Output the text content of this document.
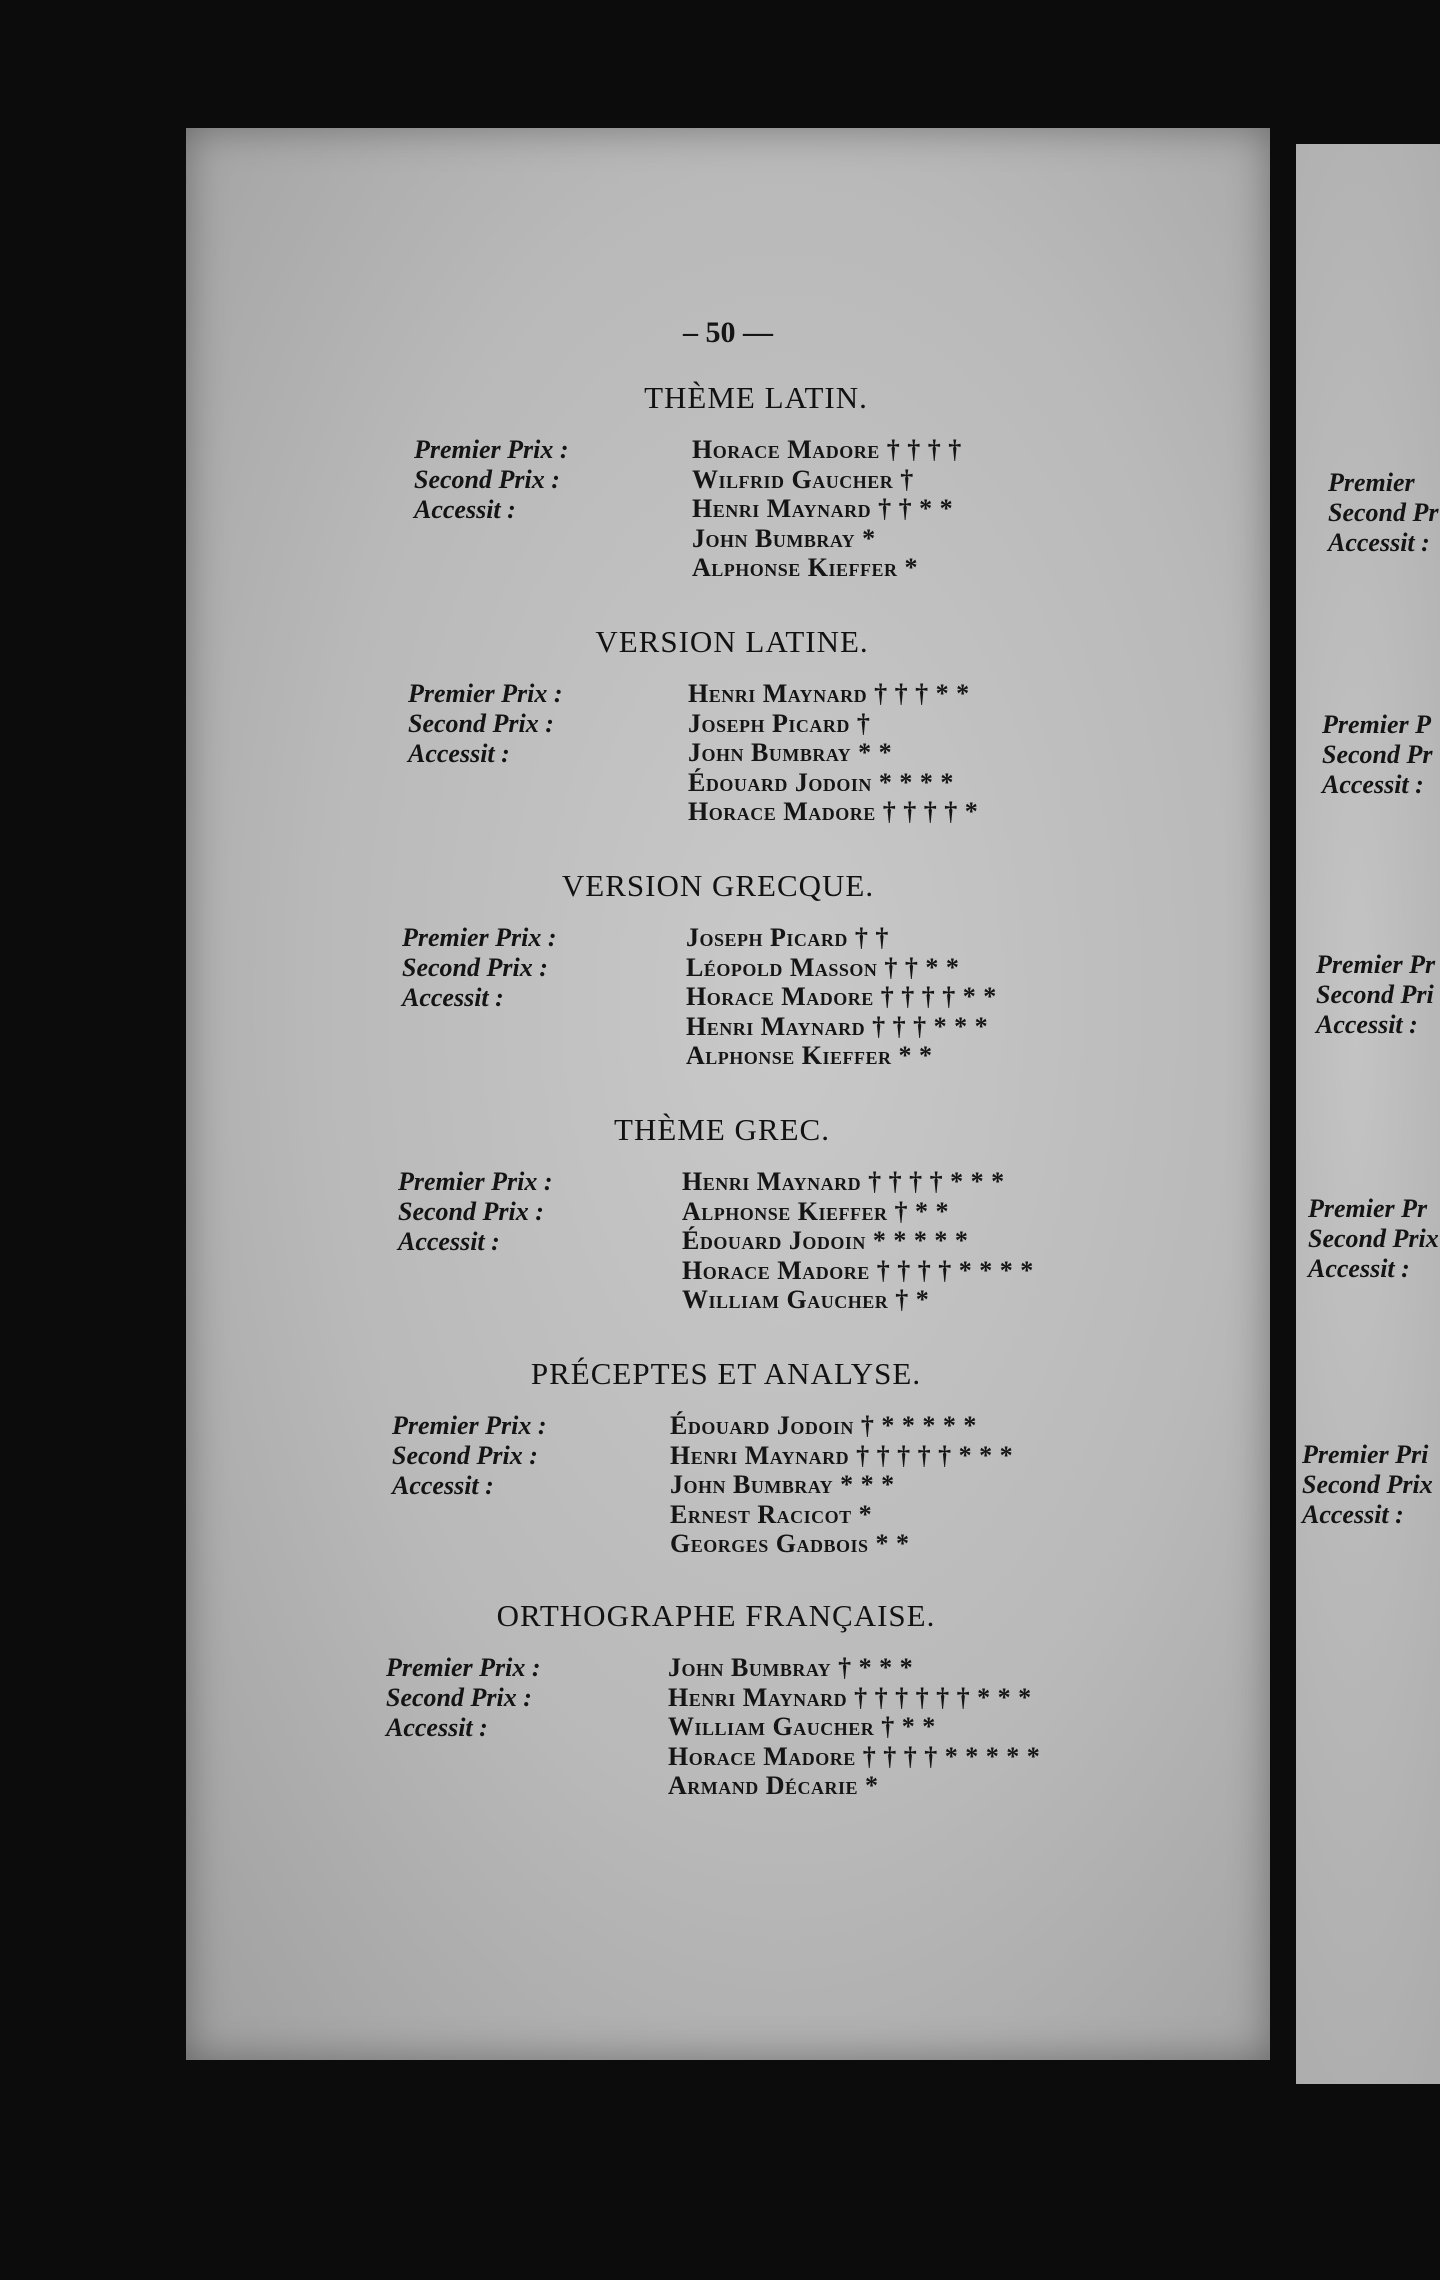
– 50 —
THÈME LATIN.
Premier Prix :
Second Prix :
Accessit :
Horace Madore † † † †
Wilfrid Gaucher †
Henri Maynard † † * *
John Bumbray *
Alphonse Kieffer *
VERSION LATINE.
Premier Prix :
Second Prix :
Accessit :
Henri Maynard † † † * *
Joseph Picard †
John Bumbray * *
Édouard Jodoin * * * *
Horace Madore † † † † *
VERSION GRECQUE.
Premier Prix :
Second Prix :
Accessit :
Joseph Picard † †
Léopold Masson † † * *
Horace Madore † † † † * *
Henri Maynard † † † * * *
Alphonse Kieffer * *
THÈME GREC.
Premier Prix :
Second Prix :
Accessit :
Henri Maynard † † † † * * *
Alphonse Kieffer † * *
Édouard Jodoin * * * * *
Horace Madore † † † † * * * *
William Gaucher † *
PRÉCEPTES ET ANALYSE.
Premier Prix :
Second Prix :
Accessit :
Édouard Jodoin † * * * * *
Henri Maynard † † † † † * * *
John Bumbray * * *
Ernest Racicot *
Georges Gadbois * *
ORTHOGRAPHE FRANÇAISE.
Premier Prix :
Second Prix :
Accessit :
John Bumbray † * * *
Henri Maynard † † † † † † * * *
William Gaucher † * *
Horace Madore † † † † * * * * *
Armand Décarie *
Premier
Second Pr
Accessit :
Premier P
Second Pr
Accessit :
Premier Pr
Second Pri
Accessit :
Premier Pr
Second Prix
Accessit :
Premier Pri
Second Prix
Accessit :
